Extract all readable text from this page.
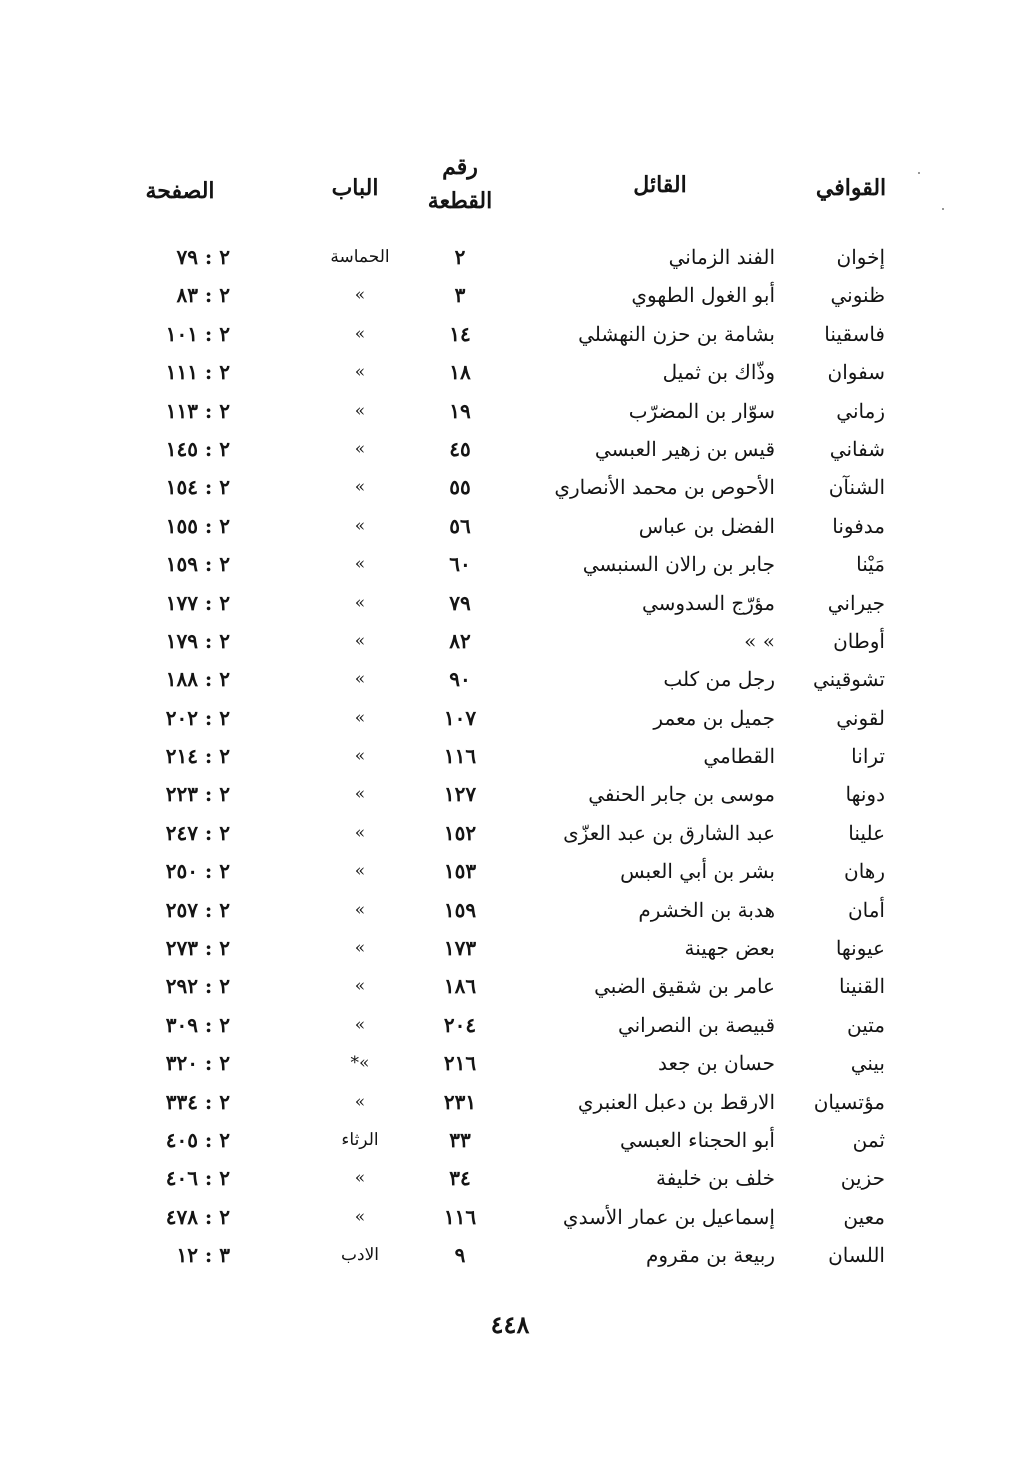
القوافي
القائل
رقم القطعة
الباب
الصفحة
إخوان
الفند الزماني
٢
الحماسة
٢ : ٧٩
ظنوني
أبو الغول الطهوي
٣
»
٢ : ٨٣
فاسقينا
بشامة بن حزن النهشلي
١٤
»
٢ : ١٠١
سفوان
وذّاك بن ثميل
١٨
»
٢ : ١١١
زماني
سوّار بن المضرّب
١٩
»
٢ : ١١٣
شفاني
قيس بن زهير العبسي
٤٥
»
٢ : ١٤٥
الشنآن
الأحوص بن محمد الأنصاري
٥٥
»
٢ : ١٥٤
مدفونا
الفضل بن عباس
٥٦
»
٢ : ١٥٥
مَيْنا
جابر بن رالان السنبسي
٦٠
»
٢ : ١٥٩
جيراني
مؤرّج السدوسي
٧٩
»
٢ : ١٧٧
أوطان
» »
٨٢
»
٢ : ١٧٩
تشوقيني
رجل من كلب
٩٠
»
٢ : ١٨٨
لقوني
جميل بن معمر
١٠٧
»
٢ : ٢٠٢
ترانا
القطامي
١١٦
»
٢ : ٢١٤
دونها
موسى بن جابر الحنفي
١٢٧
»
٢ : ٢٢٣
علينا
عبد الشارق بن عبد العزّى
١٥٢
»
٢ : ٢٤٧
رهان
بشر بن أبي العبس
١٥٣
»
٢ : ٢٥٠
أمان
هدبة بن الخشرم
١٥٩
»
٢ : ٢٥٧
عيونها
بعض جهينة
١٧٣
»
٢ : ٢٧٣
القنينا
عامر بن شقيق الضبي
١٨٦
»
٢ : ٢٩٢
متين
قبيصة بن النصراني
٢٠٤
»
٢ : ٣٠٩
بيني
حسان بن جعد
٢١٦
»*
٢ : ٣٢٠
مؤتسيان
الارقط بن دعبل العنبري
٢٣١
»
٢ : ٣٣٤
ثمن
أبو الحجناء العبسي
٣٣
الرثاء
٢ : ٤٠٥
حزين
خلف بن خليفة
٣٤
»
٢ : ٤٠٦
معين
إسماعيل بن عمار الأسدي
١١٦
»
٢ : ٤٧٨
اللسان
ربيعة بن مقروم
٩
الادب
٣ : ١٢
٤٤٨
